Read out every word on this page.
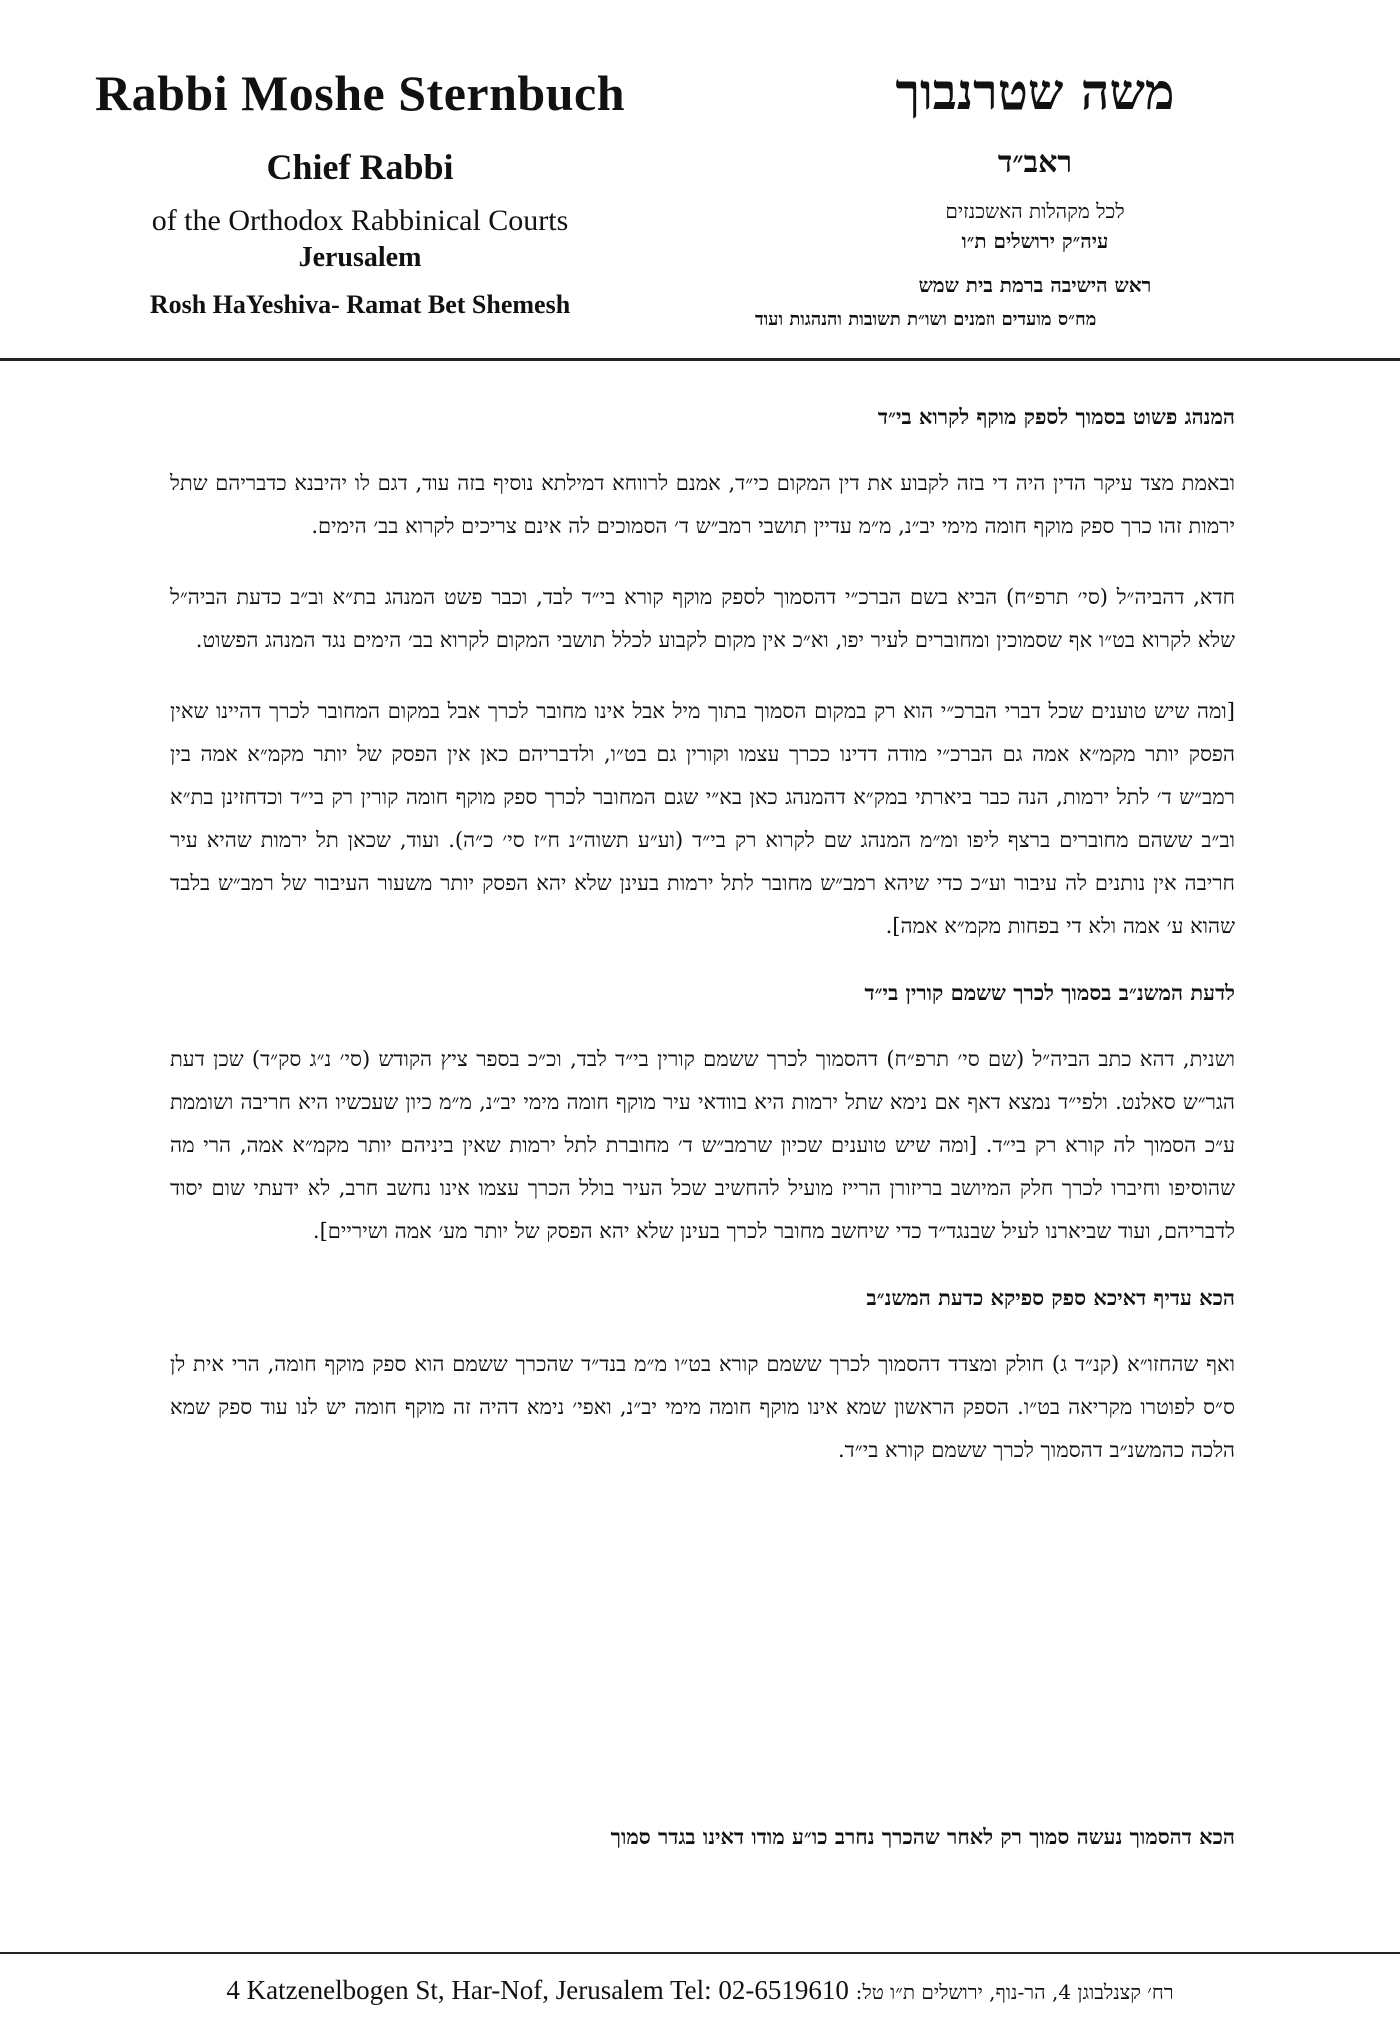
Rabbi Moshe Sternbuch
Chief Rabbi
of the Orthodox Rabbinical Courts
Jerusalem
Rosh HaYeshiva- Ramat Bet Shemesh
משה שטרנבוך
ראב״ד
לכל מקהלות האשכנזים
עיה״ק ירושלים ת״ו
ראש הישיבה ברמת בית שמש
מח״ס מועדים וזמנים ושו״ת תשובות והנהגות ועוד
המנהג פשוט בסמוך לספק מוקף לקרוא בי״ד

ובאמת מצד עיקר הדין היה די בזה לקבוע את דין המקום כי״ד, אמנם לרווחא דמילתא נוסיף בזה עוד, דגם לו יהיבנא כדבריהם שתל ירמות זהו כרך ספק מוקף חומה מימי יב״נ, מ״מ עדיין תושבי רמב״ש ד׳ הסמוכים לה אינם צריכים לקרוא בב׳ הימים.

חדא, דהביה״ל (סי׳ תרפ״ח) הביא בשם הברכ״י דהסמוך לספק מוקף קורא בי״ד לבד, וכבר פשט המנהג בת״א וב״ב כדעת הביה״ל שלא לקרוא בט״ו אף שסמוכין ומחוברים לעיר יפו, וא״כ אין מקום לקבוע לכלל תושבי המקום לקרוא בב׳ הימים נגד המנהג הפשוט.

[ומה שיש טוענים שכל דברי הברכ״י הוא רק במקום הסמוך בתוך מיל אבל אינו מחובר לכרך אבל במקום המחובר לכרך דהיינו שאין הפסק יותר מקמ״א אמה גם הברכ״י מודה דדינו ככרך עצמו וקורין גם בט״ו, ולדבריהם כאן אין הפסק של יותר מקמ״א אמה בין רמב״ש ד׳ לתל ירמות, הנה כבר ביארתי במק״א דהמנהג כאן בא״י שגם המחובר לכרך ספק מוקף חומה קורין רק בי״ד וכדחזינן בת״א וב״ב ששהם מחוברים ברצף ליפו ומ״מ המנהג שם לקרוא רק בי״ד (וע״ע תשוה״נ ח״ז סי׳ כ״ה). ועוד, שכאן תל ירמות שהיא עיר חריבה אין נותנים לה עיבור וע״כ כדי שיהא רמב״ש מחובר לתל ירמות בעינן שלא יהא הפסק יותר משעור העיבור של רמב״ש בלבד שהוא ע׳ אמה ולא די בפחות מקמ״א אמה].

לדעת המשנ״ב בסמוך לכרך ששמם קורין בי״ד

ושנית, דהא כתב הביה״ל (שם סי׳ תרפ״ח) דהסמוך לכרך ששמם קורין בי״ד לבד, וכ״כ בספר ציץ הקודש (סי׳ נ״ג סק״ד) שכן דעת הגר״ש סאלנט. ולפי״ד נמצא דאף אם נימא שתל ירמות היא בוודאי עיר מוקף חומה מימי יב״נ, מ״מ כיון שעכשיו היא חריבה ושוממת ע״כ הסמוך לה קורא רק בי״ד. [ומה שיש טוענים שכיון שרמב״ש ד׳ מחוברת לתל ירמות שאין ביניהם יותר מקמ״א אמה, הרי מה שהוסיפו וחיברו לכרך חלק המיושב בריזורן הרייז מועיל להחשיב שכל העיר בולל הכרך עצמו אינו נחשב חרב, לא ידעתי שום יסוד לדבריהם, ועוד שביארנו לעיל שבנגד״ד כדי שיחשב מחובר לכרך בעינן שלא יהא הפסק של יותר מע׳ אמה ושיריים].

הכא עדיף דאיכא ספק ספיקא כדעת המשנ״ב

ואף שהחזו״א (קנ״ד ג) חולק ומצדד דהסמוך לכרך ששמם קורא בט״ו מ״מ בנד״ד שהכרך ששמם הוא ספק מוקף חומה, הרי אית לן ס״ס לפוטרו מקריאה בט״ו. הספק הראשון שמא אינו מוקף חומה מימי יב״נ, ואפי׳ נימא דהיה זה מוקף חומה יש לנו עוד ספק שמא הלכה כהמשנ״ב דהסמוך לכרך ששמם קורא בי״ד.

הכא דהסמוך נעשה סמוך רק לאחר שהכרך נחרב כו״ע מודו דאינו בגדר סמוך
4 Katzenelbogen St, Har-Nof, Jerusalem Tel: 02-6519610 רח׳ קצנלבוגן 4, הר-נוף, ירושלים ת״ו טל:
